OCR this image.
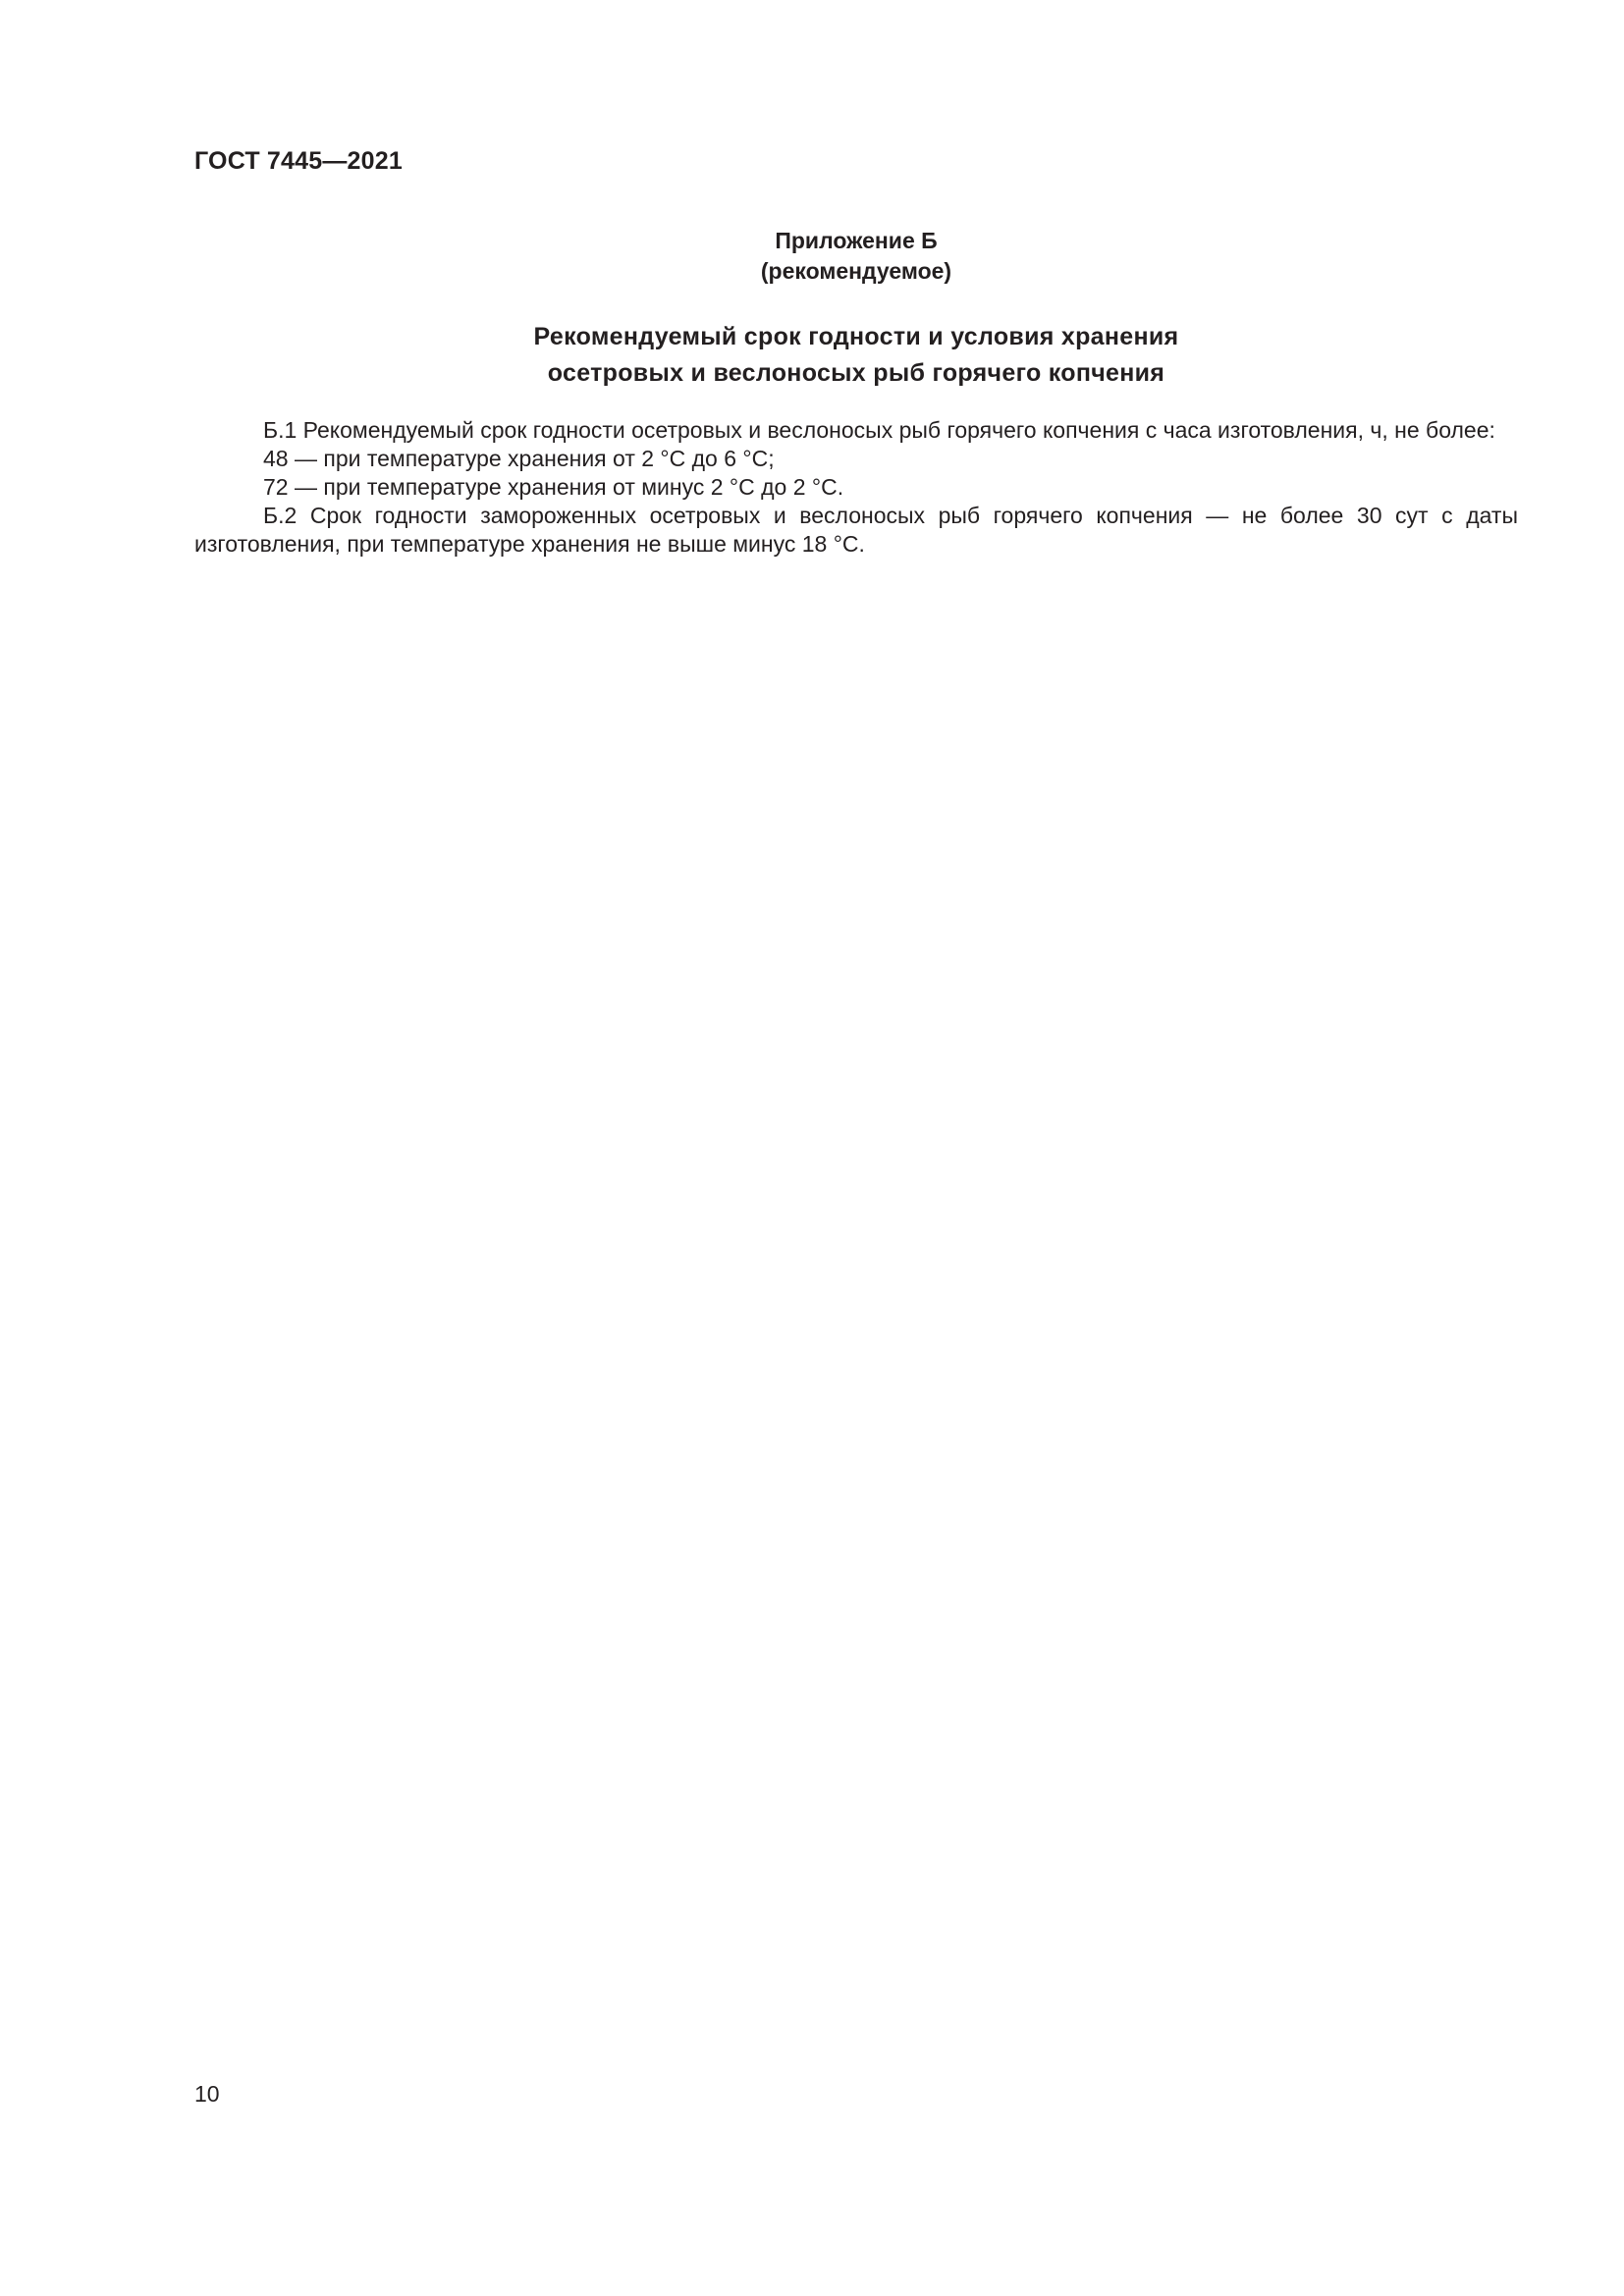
ГОСТ 7445—2021
Приложение Б
(рекомендуемое)
Рекомендуемый срок годности и условия хранения
осетровых и веслоносых рыб горячего копчения

Б.1 Рекомендуемый срок годности осетровых и веслоносых рыб горячего копчения с часа изготовления, ч, не более:

48 — при температуре хранения от 2 °С до 6 °С;

72 — при температуре хранения от минус 2 °С до 2 °С.

Б.2 Срок годности замороженных осетровых и веслоносых рыб горячего копчения — не более 30 сут с даты изготовления, при температуре хранения не выше минус 18 °С.

10
